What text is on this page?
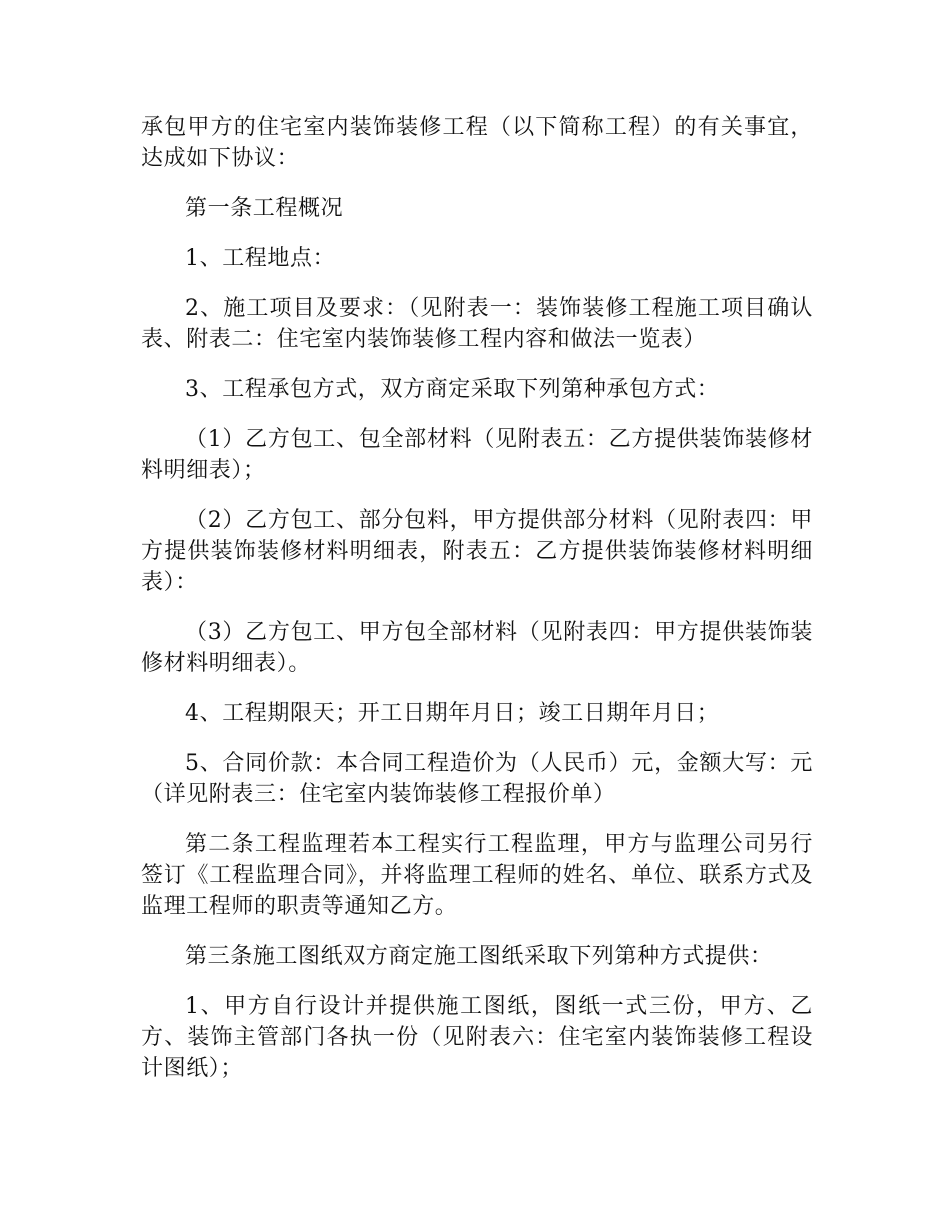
承包甲方的住宅室内装饰装修工程（以下简称工程）的有关事宜，达成如下协议：

第一条工程概况

1、工程地点：

2、施工项目及要求：（见附表一：装饰装修工程施工项目确认表、附表二：住宅室内装饰装修工程内容和做法一览表）

3、工程承包方式，双方商定采取下列第种承包方式：

（1）乙方包工、包全部材料（见附表五：乙方提供装饰装修材料明细表）；

（2）乙方包工、部分包料，甲方提供部分材料（见附表四：甲方提供装饰装修材料明细表，附表五：乙方提供装饰装修材料明细表）：

（3）乙方包工、甲方包全部材料（见附表四：甲方提供装饰装修材料明细表）。

4、工程期限天；开工日期年月日；竣工日期年月日；

5、合同价款：本合同工程造价为（人民币）元，金额大写：元（详见附表三：住宅室内装饰装修工程报价单）

第二条工程监理若本工程实行工程监理，甲方与监理公司另行签订《工程监理合同》，并将监理工程师的姓名、单位、联系方式及监理工程师的职责等通知乙方。

第三条施工图纸双方商定施工图纸采取下列第种方式提供：

1、甲方自行设计并提供施工图纸，图纸一式三份，甲方、乙方、装饰主管部门各执一份（见附表六：住宅室内装饰装修工程设计图纸）；
